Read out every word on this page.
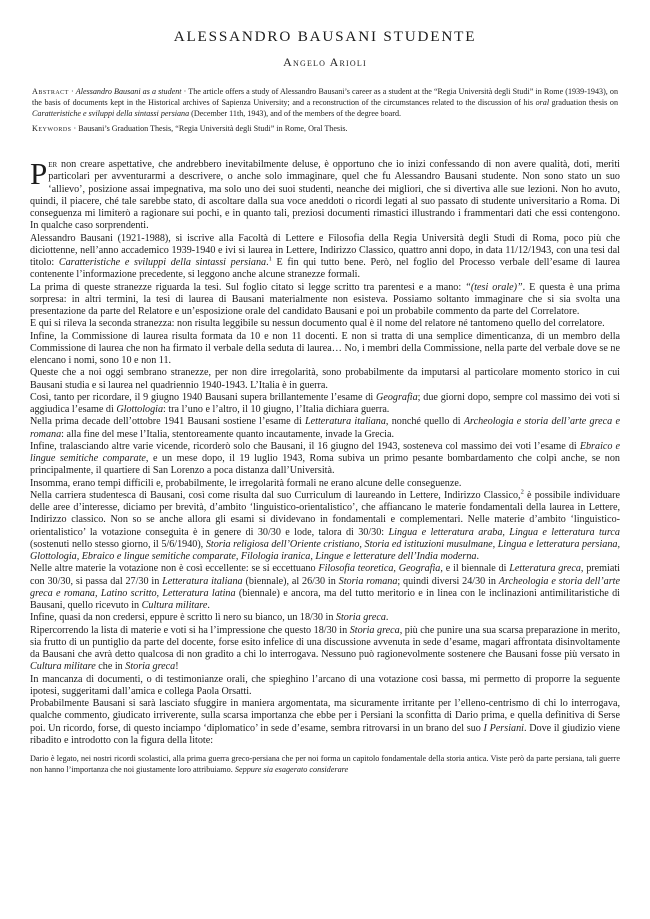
ALESSANDRO BAUSANI STUDENTE
Angelo Arioli

Abstract · Alessandro Bausani as a student · The article offers a study of Alessandro Bausani’s career as a student at the “Regia Università degli Studi” in Rome (1939-1943), on the basis of documents kept in the Historical archives of Sapienza University; and a reconstruction of the circumstances related to the discussion of his oral graduation thesis on Caratteristiche e sviluppi della sintassi persiana (December 11th, 1943), and of the members of the degree board.

Keywords · Bausani’s Graduation Thesis, “Regia Università degli Studi” in Rome, Oral Thesis.

Per non creare aspettative, che andrebbero inevitabilmente deluse, è opportuno che io inizi confessando di non avere qualità, doti, meriti particolari per avventurarmi a descrivere, o anche solo immaginare, quel che fu Alessandro Bausani studente. Non sono stato un suo ‘allievo’, posizione assai impegnativa, ma solo uno dei suoi studenti, neanche dei migliori, che si divertiva alle sue lezioni. Non ho avuto, quindi, il piacere, ché tale sarebbe stato, di ascoltare dalla sua voce aneddoti o ricordi legati al suo passato di studente universitario a Roma. Di conseguenza mi limiterò a ragionare sui pochi, e in quanto tali, preziosi documenti rimastici illustrando i frammentari dati che essi contengono. In qualche caso sorprendenti.

Alessandro Bausani (1921-1988), si iscrive alla Facoltà di Lettere e Filosofia della Regia Università degli Studi di Roma, poco più che diciottenne, nell’anno accademico 1939-1940 e ivi si laurea in Lettere, Indirizzo Classico, quattro anni dopo, in data 11/12/1943, con una tesi dal titolo: Caratteristiche e sviluppi della sintassi persiana.$^1$ E fin qui tutto bene. Però, nel foglio del Processo verbale dell’esame di laurea contenente l’informazione precedente, si leggono anche alcune stranezze formali.

La prima di queste stranezze riguarda la tesi. Sul foglio citato si legge scritto tra parentesi e a mano: “(tesi orale)”. E questa è una prima sorpresa: in altri termini, la tesi di laurea di Bausani materialmente non esisteva. Possiamo soltanto immaginare che si sia svolta una presentazione da parte del Relatore e un’esposizione orale del candidato Bausani e poi un probabile commento da parte del Correlatore.

E qui si rileva la seconda stranezza: non risulta leggibile su nessun documento qual è il nome del relatore né tantomeno quello del correlatore.

Infine, la Commissione di laurea risulta formata da 10 e non 11 docenti. E non si tratta di una semplice dimenticanza, di un membro della Commissione di laurea che non ha firmato il verbale della seduta di laurea… No, i membri della Commissione, nella parte del verbale dove se ne elencano i nomi, sono 10 e non 11.

Queste che a noi oggi sembrano stranezze, per non dire irregolarità, sono probabilmente da imputarsi al particolare momento storico in cui Bausani studia e si laurea nel quadriennio 1940-1943. L’Italia è in guerra.

Così, tanto per ricordare, il 9 giugno 1940 Bausani supera brillantemente l’esame di Geografia; due giorni dopo, sempre col massimo dei voti si aggiudica l’esame di Glottologia: tra l’uno e l’altro, il 10 giugno, l’Italia dichiara guerra.

Nella prima decade dell’ottobre 1941 Bausani sostiene l’esame di Letteratura italiana, nonché quello di Archeologia e storia dell’arte greca e romana: alla fine del mese l’Italia, stentoreamente quanto incautamente, invade la Grecia.

Infine, tralasciando altre varie vicende, ricorderò solo che Bausani, il 16 giugno del 1943, sosteneva col massimo dei voti l’esame di Ebraico e lingue semitiche comparate, e un mese dopo, il 19 luglio 1943, Roma subiva un primo pesante bombardamento che colpì anche, se non principalmente, il quartiere di San Lorenzo a poca distanza dall’Università.

Insomma, erano tempi difficili e, probabilmente, le irregolarità formali ne erano alcune delle conseguenze.

Nella carriera studentesca di Bausani, così come risulta dal suo Curriculum di laureando in Lettere, Indirizzo Classico,$^2$ è possibile individuare delle aree d’interesse, diciamo per brevità, d’ambito ‘linguistico-orientalistico’, che affiancano le materie fondamentali della laurea in Lettere, Indirizzo classico. Non so se anche allora gli esami si dividevano in fondamentali e complementari. Nelle materie d’ambito ‘linguistico-orientalistico’ la votazione conseguita è in genere di 30/30 e lode, talora di 30/30: Lingua e letteratura araba, Lingua e letteratura turca (sostenuti nello stesso giorno, il 5/6/1940), Storia religiosa dell’Oriente cristiano, Storia ed istituzioni musulmane, Lingua e letteratura persiana, Glottologia, Ebraico e lingue semitiche comparate, Filologia iranica, Lingue e letterature dell’India moderna.

Nelle altre materie la votazione non è così eccellente: se si eccettuano Filosofia teoretica, Geografia, e il biennale di Letteratura greca, premiati con 30/30, si passa dal 27/30 in Letteratura italiana (biennale), al 26/30 in Storia romana; quindi diversi 24/30 in Archeologia e storia dell’arte greca e romana, Latino scritto, Letteratura latina (biennale) e ancora, ma del tutto meritorio e in linea con le inclinazioni antimilitaristiche di Bausani, quello ricevuto in Cultura militare.

Infine, quasi da non credersi, eppure è scritto lì nero su bianco, un 18/30 in Storia greca.

Ripercorrendo la lista di materie e voti si ha l’impressione che questo 18/30 in Storia greca, più che punire una sua scarsa preparazione in merito, sia frutto di un puntiglio da parte del docente, forse esito infelice di una discussione avvenuta in sede d’esame, magari affrontata disinvoltamente da Bausani che avrà detto qualcosa di non gradito a chi lo interrogava. Nessuno può ragionevolmente sostenere che Bausani fosse più versato in Cultura militare che in Storia greca!

In mancanza di documenti, o di testimonianze orali, che spieghino l’arcano di una votazione così bassa, mi permetto di proporre la seguente ipotesi, suggeritami dall’amica e collega Paola Orsatti.

Probabilmente Bausani si sarà lasciato sfuggire in maniera argomentata, ma sicuramente irritante per l’elleno-centrismo di chi lo interrogava, qualche commento, giudicato irriverente, sulla scarsa importanza che ebbe per i Persiani la sconfitta di Dario prima, e quella definitiva di Serse poi. Un ricordo, forse, di questo inciampo ‘diplomatico’ in sede d’esame, sembra ritrovarsi in un brano del suo I Persiani. Dove il giudizio viene ribadito e introdotto con la figura della litote:

Dario è legato, nei nostri ricordi scolastici, alla prima guerra greco-persiana che per noi forma un capitolo fondamentale della storia antica. Viste però da parte persiana, tali guerre non hanno l’importanza che noi giustamente loro attribuiamo. Seppure sia esagerato considerare
